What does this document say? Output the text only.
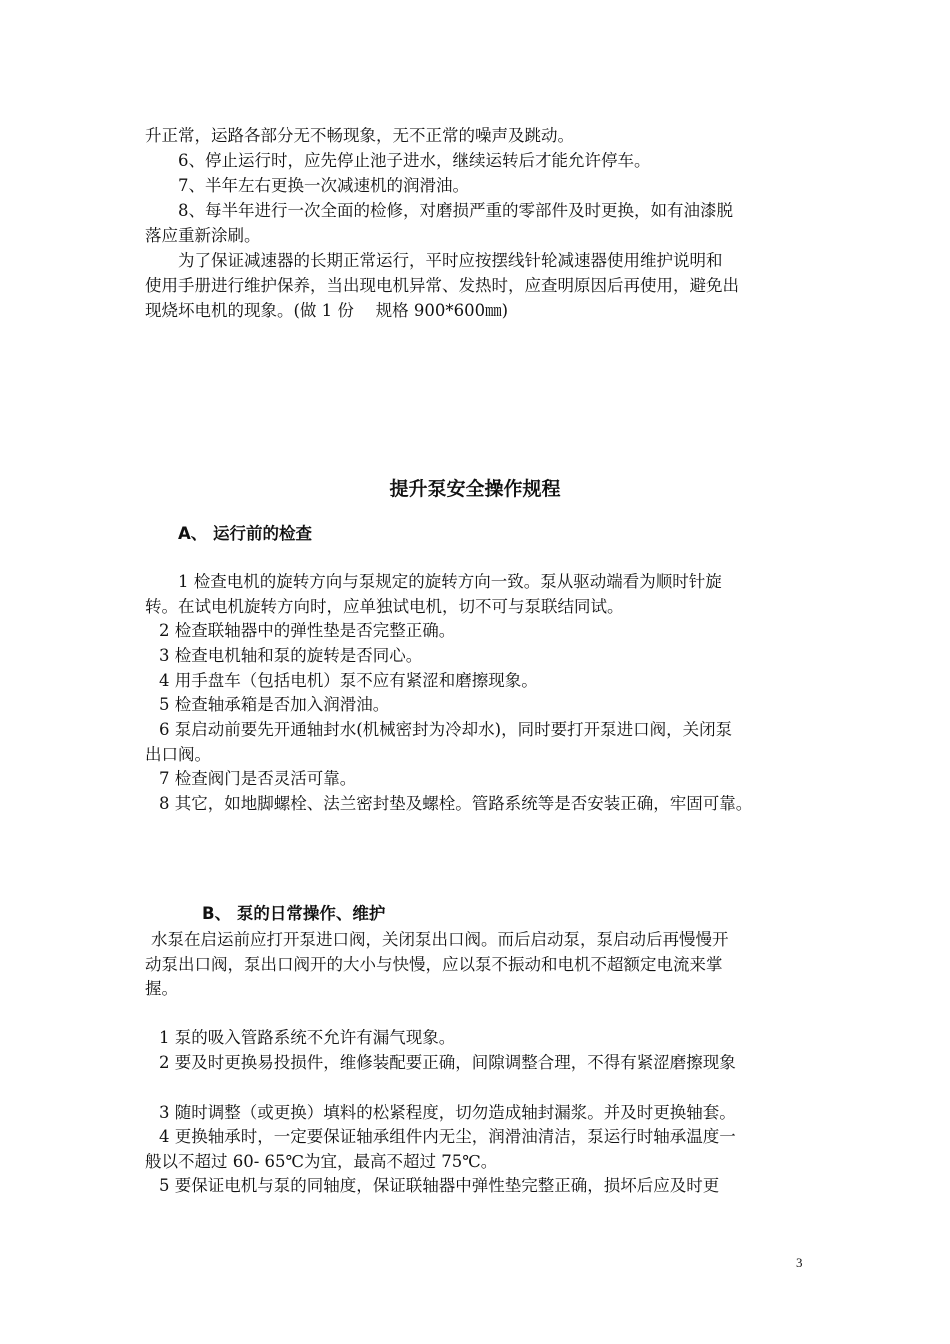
升正常，运路各部分无不畅现象，无不正常的噪声及跳动。
6、停止运行时，应先停止池子进水，继续运转后才能允许停车。
7、半年左右更换一次减速机的润滑油。
8、每半年进行一次全面的检修，对磨损严重的零部件及时更换，如有油漆脱
落应重新涂刷。
为了保证减速器的长期正常运行，平时应按摆线针轮减速器使用维护说明和
使用手册进行维护保养，当出现电机异常、发热时，应查明原因后再使用，避免出
现烧坏电机的现象。(做 1 份　 规格 900*600㎜)
提升泵安全操作规程
A、 运行前的检查
1 检查电机的旋转方向与泵规定的旋转方向一致。泵从驱动端看为顺时针旋
转。在试电机旋转方向时，应单独试电机，切不可与泵联结同试。
2 检查联轴器中的弹性垫是否完整正确。
3 检查电机轴和泵的旋转是否同心。
4 用手盘车（包括电机）泵不应有紧涩和磨擦现象。
5 检查轴承箱是否加入润滑油。
6 泵启动前要先开通轴封水(机械密封为冷却水)，同时要打开泵进口阀，关闭泵
出口阀。
7 检查阀门是否灵活可靠。
8 其它，如地脚螺栓、法兰密封垫及螺栓。管路系统等是否安装正确，牢固可靠。
B、 泵的日常操作、维护
水泵在启运前应打开泵进口阀，关闭泵出口阀。而后启动泵，泵启动后再慢慢开
动泵出口阀，泵出口阀开的大小与快慢，应以泵不振动和电机不超额定电流来掌
握。
1 泵的吸入管路系统不允许有漏气现象。
2 要及时更换易投损件，维修装配要正确，间隙调整合理，不得有紧涩磨擦现象
3 随时调整（或更换）填料的松紧程度，切勿造成轴封漏浆。并及时更换轴套。
4 更换轴承时，一定要保证轴承组件内无尘，润滑油清洁，泵运行时轴承温度一
般以不超过 60- 65℃为宜，最高不超过 75℃。
5 要保证电机与泵的同轴度，保证联轴器中弹性垫完整正确，损坏后应及时更
3
